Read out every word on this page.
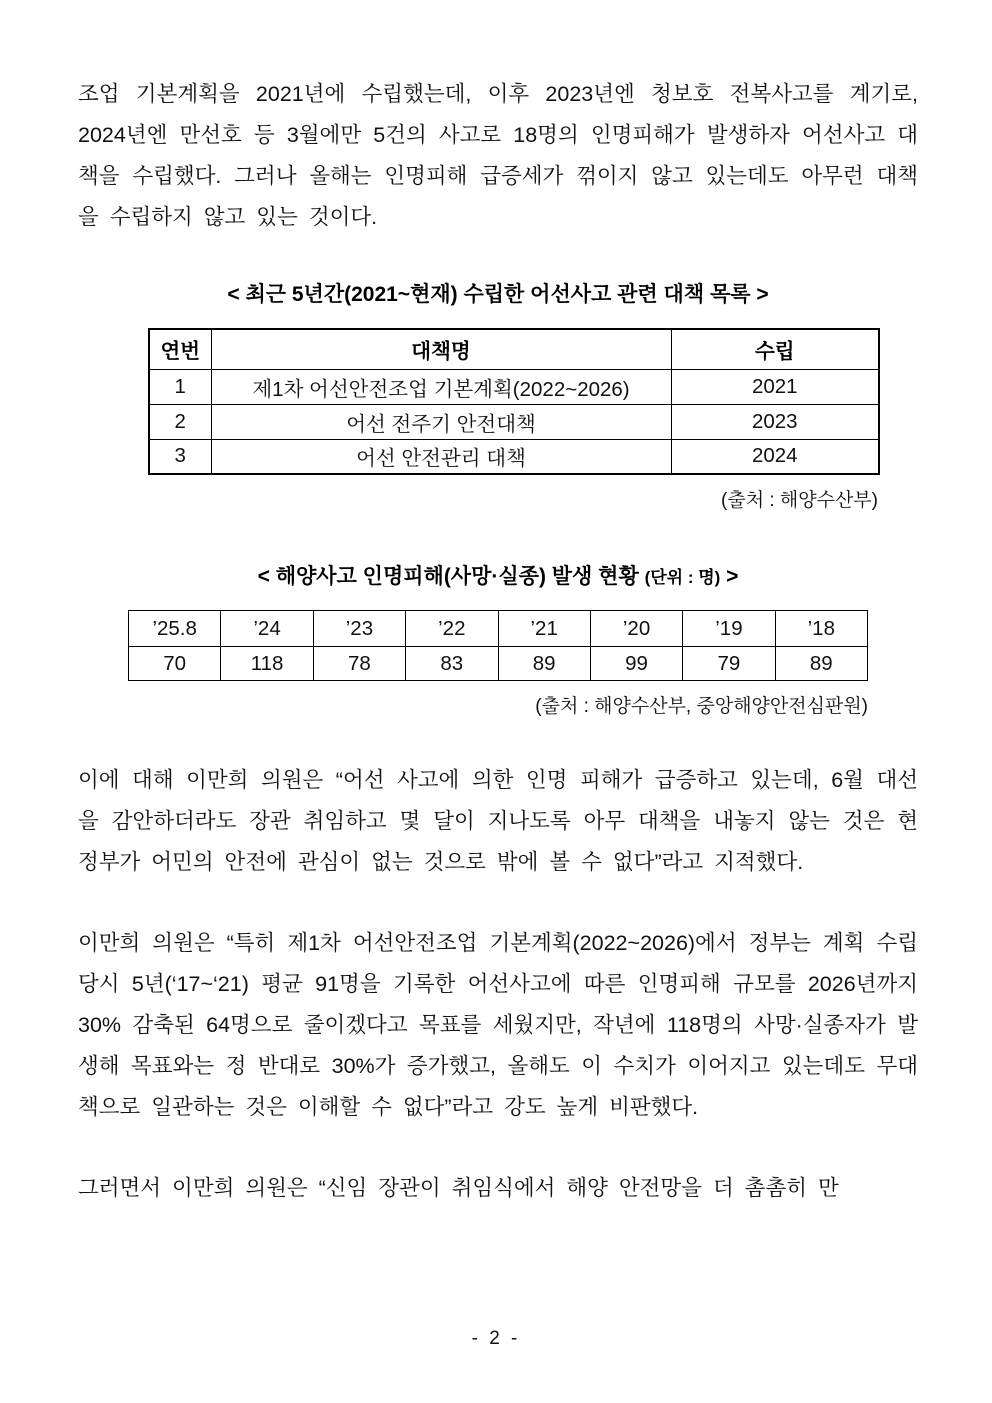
조업 기본계획을 2021년에 수립했는데, 이후 2023년엔 청보호 전복사고를 계기로, 2024년엔 만선호 등 3월에만 5건의 사고로 18명의 인명피해가 발생하자 어선사고 대책을 수립했다. 그러나 올해는 인명피해 급증세가 꺾이지 않고 있는데도 아무런 대책을 수립하지 않고 있는 것이다.

< 최근 5년간(2021~현재) 수립한 어선사고 관련 대책 목록 >
연번	대책명	수립
1	제1차 어선안전조업 기본계획(2022~2026)	2021
2	어선 전주기 안전대책	2023
3	어선 안전관리 대책	2024
(출처 : 해양수산부)
< 해양사고 인명피해(사망·실종) 발생 현황 (단위 : 명) >
’25.8	’24	’23	’22	’21	’20	’19	’18
70	118	78	83	89	99	79	89
(출처 : 해양수산부, 중앙해양안전심판원)

이에 대해 이만희 의원은 “어선 사고에 의한 인명 피해가 급증하고 있는데, 6월 대선을 감안하더라도 장관 취임하고 몇 달이 지나도록 아무 대책을 내놓지 않는 것은 현 정부가 어민의 안전에 관심이 없는 것으로 밖에 볼 수 없다”라고 지적했다.

이만희 의원은 “특히 제1차 어선안전조업 기본계획(2022~2026)에서 정부는 계획 수립 당시 5년(‘17~‘21) 평균 91명을 기록한 어선사고에 따른 인명피해 규모를 2026년까지 30% 감축된 64명으로 줄이겠다고 목표를 세웠지만, 작년에 118명의 사망·실종자가 발생해 목표와는 정 반대로 30%가 증가했고, 올해도 이 수치가 이어지고 있는데도 무대책으로 일관하는 것은 이해할 수 없다”라고 강도 높게 비판했다.

그러면서 이만희 의원은 “신임 장관이 취임식에서 해양 안전망을 더 촘촘히 만

- 2 -
